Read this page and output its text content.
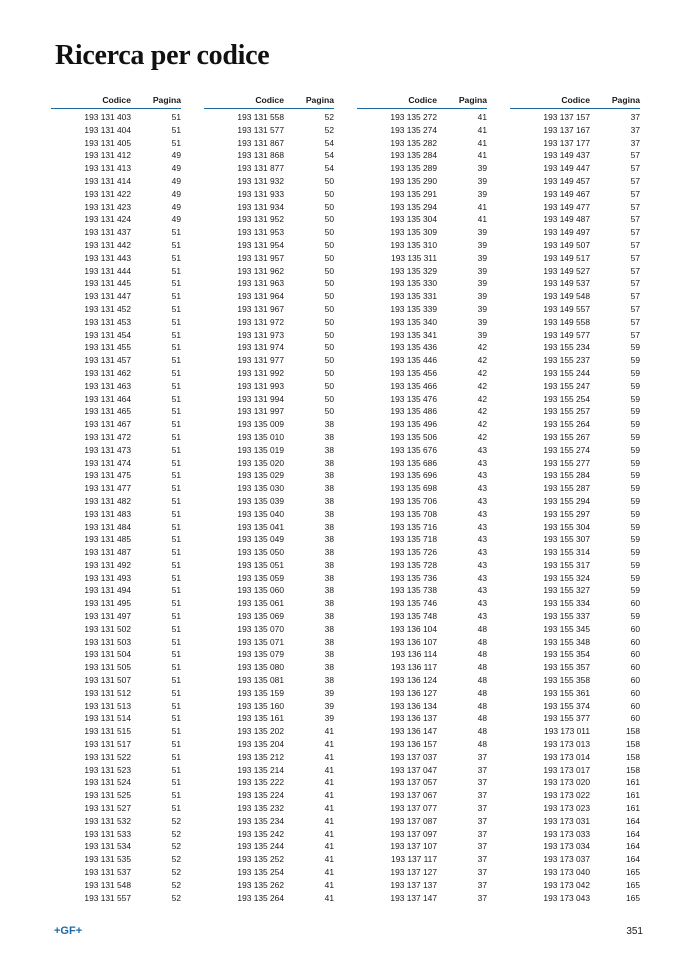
Ricerca per codice
Codice	Pagina
193 131 403	51
193 131 404	51
193 131 405	51
193 131 412	49
193 131 413	49
193 131 414	49
193 131 422	49
193 131 423	49
193 131 424	49
193 131 437	51
193 131 442	51
193 131 443	51
193 131 444	51
193 131 445	51
193 131 447	51
193 131 452	51
193 131 453	51
193 131 454	51
193 131 455	51
193 131 457	51
193 131 462	51
193 131 463	51
193 131 464	51
193 131 465	51
193 131 467	51
193 131 472	51
193 131 473	51
193 131 474	51
193 131 475	51
193 131 477	51
193 131 482	51
193 131 483	51
193 131 484	51
193 131 485	51
193 131 487	51
193 131 492	51
193 131 493	51
193 131 494	51
193 131 495	51
193 131 497	51
193 131 502	51
193 131 503	51
193 131 504	51
193 131 505	51
193 131 507	51
193 131 512	51
193 131 513	51
193 131 514	51
193 131 515	51
193 131 517	51
193 131 522	51
193 131 523	51
193 131 524	51
193 131 525	51
193 131 527	51
193 131 532	52
193 131 533	52
193 131 534	52
193 131 535	52
193 131 537	52
193 131 548	52
193 131 557	52
Codice	Pagina
193 131 558	52
193 131 577	52
193 131 867	54
193 131 868	54
193 131 877	54
193 131 932	50
193 131 933	50
193 131 934	50
193 131 952	50
193 131 953	50
193 131 954	50
193 131 957	50
193 131 962	50
193 131 963	50
193 131 964	50
193 131 967	50
193 131 972	50
193 131 973	50
193 131 974	50
193 131 977	50
193 131 992	50
193 131 993	50
193 131 994	50
193 131 997	50
193 135 009	38
193 135 010	38
193 135 019	38
193 135 020	38
193 135 029	38
193 135 030	38
193 135 039	38
193 135 040	38
193 135 041	38
193 135 049	38
193 135 050	38
193 135 051	38
193 135 059	38
193 135 060	38
193 135 061	38
193 135 069	38
193 135 070	38
193 135 071	38
193 135 079	38
193 135 080	38
193 135 081	38
193 135 159	39
193 135 160	39
193 135 161	39
193 135 202	41
193 135 204	41
193 135 212	41
193 135 214	41
193 135 222	41
193 135 224	41
193 135 232	41
193 135 234	41
193 135 242	41
193 135 244	41
193 135 252	41
193 135 254	41
193 135 262	41
193 135 264	41
Codice	Pagina
193 135 272	41
193 135 274	41
193 135 282	41
193 135 284	41
193 135 289	39
193 135 290	39
193 135 291	39
193 135 294	41
193 135 304	41
193 135 309	39
193 135 310	39
193 135 311	39
193 135 329	39
193 135 330	39
193 135 331	39
193 135 339	39
193 135 340	39
193 135 341	39
193 135 436	42
193 135 446	42
193 135 456	42
193 135 466	42
193 135 476	42
193 135 486	42
193 135 496	42
193 135 506	42
193 135 676	43
193 135 686	43
193 135 696	43
193 135 698	43
193 135 706	43
193 135 708	43
193 135 716	43
193 135 718	43
193 135 726	43
193 135 728	43
193 135 736	43
193 135 738	43
193 135 746	43
193 135 748	43
193 136 104	48
193 136 107	48
193 136 114	48
193 136 117	48
193 136 124	48
193 136 127	48
193 136 134	48
193 136 137	48
193 136 147	48
193 136 157	48
193 137 037	37
193 137 047	37
193 137 057	37
193 137 067	37
193 137 077	37
193 137 087	37
193 137 097	37
193 137 107	37
193 137 117	37
193 137 127	37
193 137 137	37
193 137 147	37
Codice	Pagina
193 137 157	37
193 137 167	37
193 137 177	37
193 149 437	57
193 149 447	57
193 149 457	57
193 149 467	57
193 149 477	57
193 149 487	57
193 149 497	57
193 149 507	57
193 149 517	57
193 149 527	57
193 149 537	57
193 149 548	57
193 149 557	57
193 149 558	57
193 149 577	57
193 155 234	59
193 155 237	59
193 155 244	59
193 155 247	59
193 155 254	59
193 155 257	59
193 155 264	59
193 155 267	59
193 155 274	59
193 155 277	59
193 155 284	59
193 155 287	59
193 155 294	59
193 155 297	59
193 155 304	59
193 155 307	59
193 155 314	59
193 155 317	59
193 155 324	59
193 155 327	59
193 155 334	60
193 155 337	59
193 155 345	60
193 155 348	60
193 155 354	60
193 155 357	60
193 155 358	60
193 155 361	60
193 155 374	60
193 155 377	60
193 173 011	158
193 173 013	158
193 173 014	158
193 173 017	158
193 173 020	161
193 173 022	161
193 173 023	161
193 173 031	164
193 173 033	164
193 173 034	164
193 173 037	164
193 173 040	165
193 173 042	165
193 173 043	165
+GF+	351
